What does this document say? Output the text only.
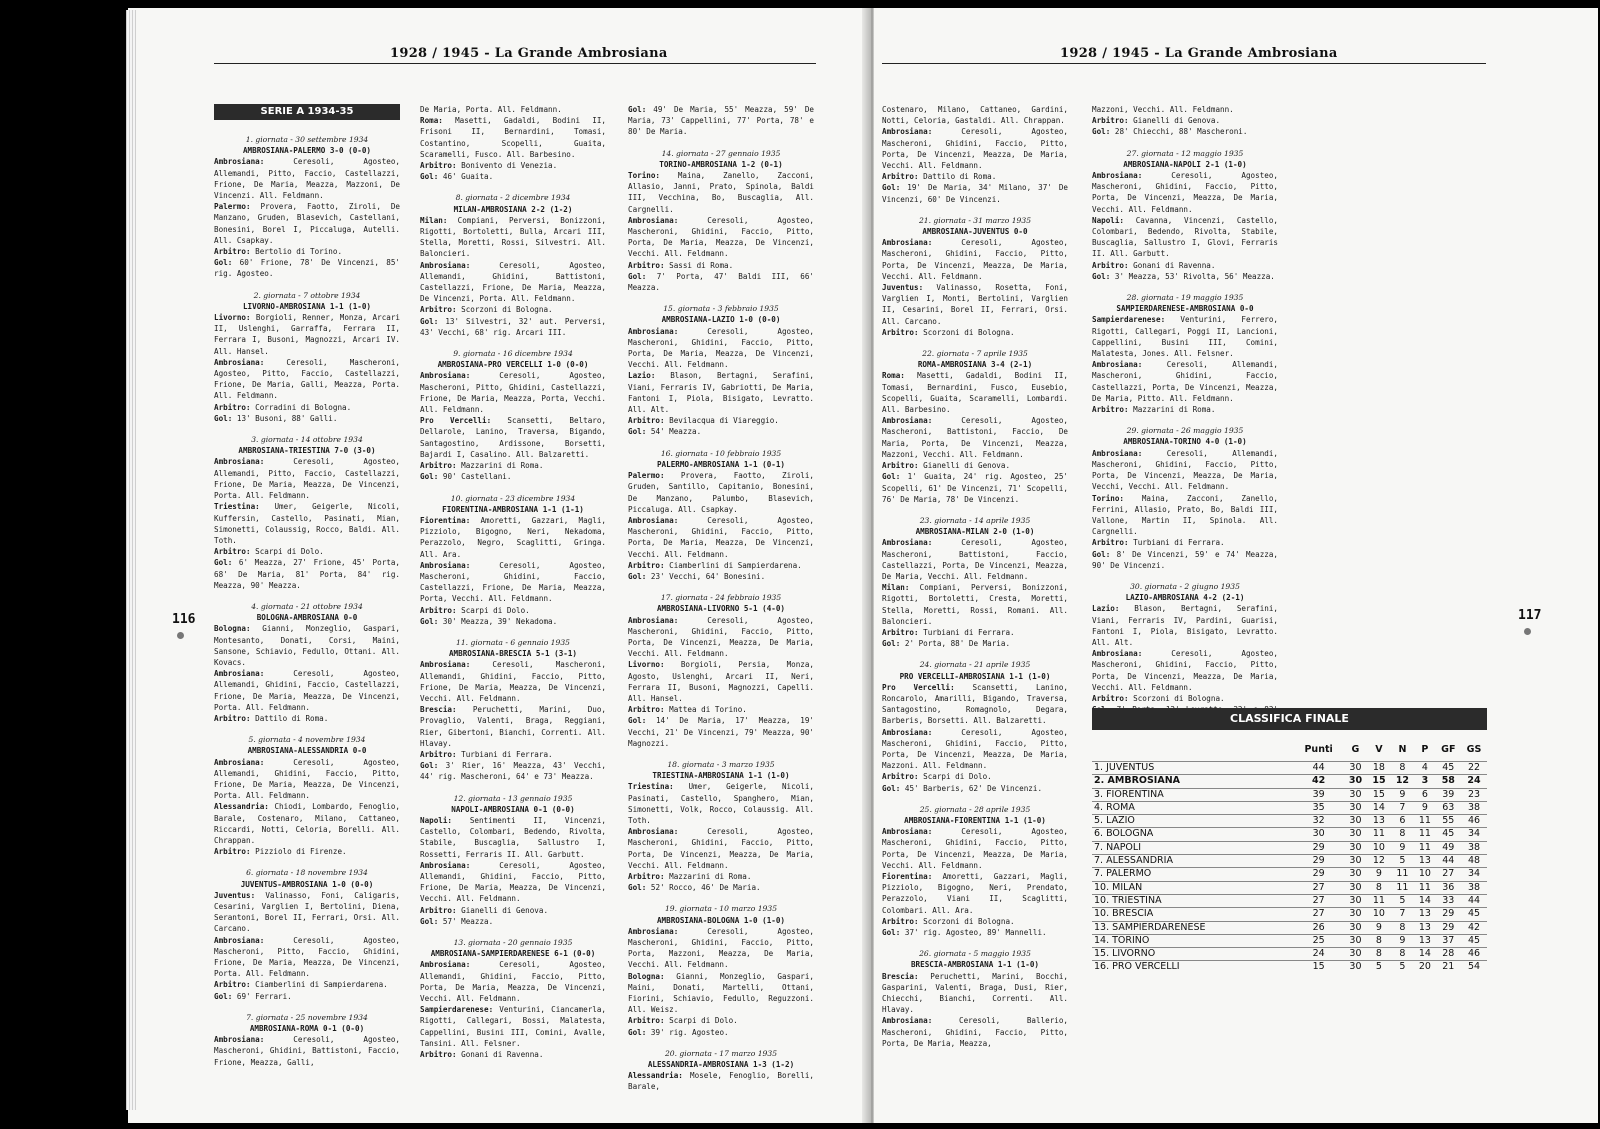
1928 / 1945 - La Grande Ambrosiana
SERIE A 1934-35
1. giornata - 30 settembre 1934
AMBROSIANA-PALERMO 3-0 (0-0)
Ambrosiana: Ceresoli, Agosteo, Allemandi, Pitto, Faccio, Castellazzi, Frione, De Maria, Meazza, Mazzoni, De Vincenzi. All. Feldmann.
Palermo: Provera, Faotto, Ziroli, De Manzano, Gruden, Blasevich, Castellani, Bonesini, Borel I, Piccaluga, Autelli. All. Csapkay.
Arbitro: Bertolio di Torino.
Gol: 60' Frione, 78' De Vincenzi, 85' rig. Agosteo.
2. giornata - 7 ottobre 1934
LIVORNO-AMBROSIANA 1-1 (1-0)
Livorno: Borgioli, Renner, Monza, Arcari II, Uslenghi, Garraffa, Ferrara II, Ferrara I, Busoni, Magnozzi, Arcari IV. All. Hansel.
Ambrosiana: Ceresoli, Mascheroni, Agosteo, Pitto, Faccio, Castellazzi, Frione, De Maria, Galli, Meazza, Porta. All. Feldmann.
Arbitro: Corradini di Bologna.
Gol: 13' Busoni, 88' Galli.
3. giornata - 14 ottobre 1934
AMBROSIANA-TRIESTINA 7-0 (3-0)
Ambrosiana: Ceresoli, Agosteo, Allemandi, Pitto, Faccio, Castellazzi, Frione, De Maria, Meazza, De Vincenzi, Porta. All. Feldmann.
Triestina: Umer, Geigerle, Nicoli, Kuffersin, Castello, Pasinati, Mian, Simonetti, Colaussig, Rocco, Baldi. All. Toth.
Arbitro: Scarpi di Dolo.
Gol: 6' Meazza, 27' Frione, 45' Porta, 68' De Maria, 81' Porta, 84' rig. Meazza, 90' Meazza.
4. giornata - 21 ottobre 1934
BOLOGNA-AMBROSIANA 0-0
Bologna: Gianni, Monzeglio, Gaspari, Montesanto, Donati, Corsi, Maini, Sansone, Schiavio, Fedullo, Ottani. All. Kovacs.
Ambrosiana: Ceresoli, Agosteo, Allemandi, Ghidini, Faccio, Castellazzi, Frione, De Maria, Meazza, De Vincenzi, Porta. All. Feldmann.
Arbitro: Dattilo di Roma.
5. giornata - 4 novembre 1934
AMBROSIANA-ALESSANDRIA 0-0
Ambrosiana: Ceresoli, Agosteo, Allemandi, Ghidini, Faccio, Pitto, Frione, De Maria, Meazza, De Vincenzi, Porta. All. Feldmann.
Alessandria: Chiodi, Lombardo, Fenoglio, Barale, Costenaro, Milano, Cattaneo, Riccardi, Notti, Celoria, Borelli. All. Chrappan.
Arbitro: Pizziolo di Firenze.
6. giornata - 18 novembre 1934
JUVENTUS-AMBROSIANA 1-0 (0-0)
Juventus: Valinasso, Foni, Caligaris, Cesarini, Varglien I, Bertolini, Diena, Serantoni, Borel II, Ferrari, Orsi. All. Carcano.
Ambrosiana: Ceresoli, Agosteo, Mascheroni, Pitto, Faccio, Ghidini, Frione, De Maria, Meazza, De Vincenzi, Porta. All. Feldmann.
Arbitro: Ciamberlini di Sampierdarena.
Gol: 69' Ferrari.
7. giornata - 25 novembre 1934
AMBROSIANA-ROMA 0-1 (0-0)
Ambrosiana: Ceresoli, Agosteo, Mascheroni, Ghidini, Battistoni, Faccio, Frione, Meazza, Galli,
De Maria, Porta. All. Feldmann.
Roma: Masetti, Gadaldi, Bodini II, Frisoni II, Bernardini, Tomasi, Costantino, Scopelli, Guaita, Scaramelli, Fusco. All. Barbesino.
Arbitro: Bonivento di Venezia.
Gol: 46' Guaita.
8. giornata - 2 dicembre 1934
MILAN-AMBROSIANA 2-2 (1-2)
Milan: Compiani, Perversi, Bonizzoni, Rigotti, Bortoletti, Bulla, Arcari III, Stella, Moretti, Rossi, Silvestri. All. Baloncieri.
Ambrosiana: Ceresoli, Agosteo, Allemandi, Ghidini, Battistoni, Castellazzi, Frione, De Maria, Meazza, De Vincenzi, Porta. All. Feldmann.
Arbitro: Scorzoni di Bologna.
Gol: 13' Silvestri, 32' aut. Perversi, 43' Vecchi, 68' rig. Arcari III.
9. giornata - 16 dicembre 1934
AMBROSIANA-PRO VERCELLI 1-0 (0-0)
Ambrosiana: Ceresoli, Agosteo, Mascheroni, Pitto, Ghidini, Castellazzi, Frione, De Maria, Meazza, Porta, Vecchi. All. Feldmann.
Pro Vercelli: Scansetti, Beltaro, Dellarole, Lanino, Traversa, Bigando, Santagostino, Ardissone, Borsetti, Bajardi I, Casalino. All. Balzaretti.
Arbitro: Mazzarini di Roma.
Gol: 90' Castellani.
10. giornata - 23 dicembre 1934
FIORENTINA-AMBROSIANA 1-1 (1-1)
Fiorentina: Amoretti, Gazzari, Magli, Pizziolo, Bigogno, Neri, Nekadoma, Perazzolo, Negro, Scaglitti, Gringa. All. Ara.
Ambrosiana: Ceresoli, Agosteo, Mascheroni, Ghidini, Faccio, Castellazzi, Frione, De Maria, Meazza, Porta, Vecchi. All. Feldmann.
Arbitro: Scarpi di Dolo.
Gol: 30' Meazza, 39' Nekadoma.
11. giornata - 6 gennaio 1935
AMBROSIANA-BRESCIA 5-1 (3-1)
Ambrosiana: Ceresoli, Mascheroni, Allemandi, Ghidini, Faccio, Pitto, Frione, De Maria, Meazza, De Vincenzi, Vecchi. All. Feldmann.
Brescia: Peruchetti, Marini, Duo, Provaglio, Valenti, Braga, Reggiani, Rier, Gibertoni, Bianchi, Correnti. All. Hlavay.
Arbitro: Turbiani di Ferrara.
Gol: 3' Rier, 16' Meazza, 43' Vecchi, 44' rig. Mascheroni, 64' e 73' Meazza.
12. giornata - 13 gennaio 1935
NAPOLI-AMBROSIANA 0-1 (0-0)
Napoli: Sentimenti II, Vincenzi, Castello, Colombari, Bedendo, Rivolta, Stabile, Buscaglia, Sallustro I, Rossetti, Ferraris II. All. Garbutt.
Ambrosiana: Ceresoli, Agosteo, Allemandi, Ghidini, Faccio, Pitto, Frione, De Maria, Meazza, De Vincenzi, Vecchi. All. Feldmann.
Arbitro: Gianelli di Genova.
Gol: 57' Meazza.
13. giornata - 20 gennaio 1935
AMBROSIANA-SAMPIERDARENESE 6-1 (0-0)
Ambrosiana: Ceresoli, Agosteo, Allemandi, Ghidini, Faccio, Pitto, Porta, De Maria, Meazza, De Vincenzi, Vecchi. All. Feldmann.
Sampierdarenese: Venturini, Ciancamerla, Rigotti, Callegari, Bossi, Malatesta, Cappellini, Busini III, Comini, Avalle, Tansini. All. Felsner.
Arbitro: Gonani di Ravenna.
Gol: 49' De Maria, 55' Meazza, 59' De Maria, 73' Cappellini, 77' Porta, 78' e 80' De Maria.
14. giornata - 27 gennaio 1935
TORINO-AMBROSIANA 1-2 (0-1)
Torino: Maina, Zanello, Zacconi, Allasio, Janni, Prato, Spinola, Baldi III, Vecchina, Bo, Buscaglia, All. Cargnelli.
Ambrosiana: Ceresoli, Agosteo, Mascheroni, Ghidini, Faccio, Pitto, Porta, De Maria, Meazza, De Vincenzi, Vecchi. All. Feldmann.
Arbitro: Sassi di Roma.
Gol: 7' Porta, 47' Baldi III, 66' Meazza.
15. giornata - 3 febbraio 1935
AMBROSIANA-LAZIO 1-0 (0-0)
Ambrosiana: Ceresoli, Agosteo, Mascheroni, Ghidini, Faccio, Pitto, Porta, De Maria, Meazza, De Vincenzi, Vecchi. All. Feldmann.
Lazio: Blason, Bertagni, Serafini, Viani, Ferraris IV, Gabriotti, De Maria, Fantoni I, Piola, Bisigato, Levratto. All. Alt.
Arbitro: Bevilacqua di Viareggio.
Gol: 54' Meazza.
16. giornata - 10 febbraio 1935
PALERMO-AMBROSIANA 1-1 (0-1)
Palermo: Provera, Faotto, Ziroli, Gruden, Santillo, Capitanio, Bonesini, De Manzano, Palumbo, Blasevich, Piccaluga. All. Csapkay.
Ambrosiana: Ceresoli, Agosteo, Mascheroni, Ghidini, Faccio, Pitto, Porta, De Maria, Meazza, De Vincenzi, Vecchi. All. Feldmann.
Arbitro: Ciamberlini di Sampierdarena.
Gol: 23' Vecchi, 64' Bonesini.
17. giornata - 24 febbraio 1935
AMBROSIANA-LIVORNO 5-1 (4-0)
Ambrosiana: Ceresoli, Agosteo, Mascheroni, Ghidini, Faccio, Pitto, Porta, De Vincenzi, Meazza, De Maria, Vecchi. All. Feldmann.
Livorno: Borgioli, Persia, Monza, Agosto, Uslenghi, Arcari II, Neri, Ferrara II, Busoni, Magnozzi, Capelli. All. Hansel.
Arbitro: Mattea di Torino.
Gol: 14' De Maria, 17' Meazza, 19' Vecchi, 21' De Vincenzi, 79' Meazza, 90' Magnozzi.
18. giornata - 3 marzo 1935
TRIESTINA-AMBROSIANA 1-1 (1-0)
Triestina: Umer, Geigerle, Nicoli, Pasinati, Castello, Spanghero, Mian, Simonetti, Volk, Rocco, Colaussig. All. Toth.
Ambrosiana: Ceresoli, Agosteo, Mascheroni, Ghidini, Faccio, Pitto, Porta, De Vincenzi, Meazza, De Maria, Vecchi. All. Feldmann.
Arbitro: Mazzarini di Roma.
Gol: 52' Rocco, 46' De Maria.
19. giornata - 10 marzo 1935
AMBROSIANA-BOLOGNA 1-0 (1-0)
Ambrosiana: Ceresoli, Agosteo, Mascheroni, Ghidini, Faccio, Pitto, Porta, Mazzoni, Meazza, De Maria, Vecchi. All. Feldmann.
Bologna: Gianni, Monzeglio, Gaspari, Maini, Donati, Martelli, Ottani, Fiorini, Schiavio, Fedullo, Reguzzoni. All. Weisz.
Arbitro: Scarpi di Dolo.
Gol: 39' rig. Agosteo.
20. giornata - 17 marzo 1935
ALESSANDRIA-AMBROSIANA 1-3 (1-2)
Alessandria: Mosele, Fenoglio, Borelli, Barale,
116
1928 / 1945 - La Grande Ambrosiana
Costenaro, Milano, Cattaneo, Gardini, Notti, Celoria, Gastaldi. All. Chrappan.
Ambrosiana: Ceresoli, Agosteo, Mascheroni, Ghidini, Faccio, Pitto, Porta, De Vincenzi, Meazza, De Maria, Vecchi. All. Feldmann.
Arbitro: Dattilo di Roma.
Gol: 19' De Maria, 34' Milano, 37' De Vincenzi, 60' De Vincenzi.
21. giornata - 31 marzo 1935
AMBROSIANA-JUVENTUS 0-0
Ambrosiana: Ceresoli, Agosteo, Mascheroni, Ghidini, Faccio, Pitto, Porta, De Vincenzi, Meazza, De Maria, Vecchi. All. Feldmann.
Juventus: Valinasso, Rosetta, Foni, Varglien I, Monti, Bertolini, Varglien II, Cesarini, Borel II, Ferrari, Orsi. All. Carcano.
Arbitro: Scorzoni di Bologna.
22. giornata - 7 aprile 1935
ROMA-AMBROSIANA 3-4 (2-1)
Roma: Masetti, Gadaldi, Bodini II, Tomasi, Bernardini, Fusco, Eusebio, Scopelli, Guaita, Scaramelli, Lombardi. All. Barbesino.
Ambrosiana: Ceresoli, Agosteo, Mascheroni, Battistoni, Faccio, De Maria, Porta, De Vincenzi, Meazza, Mazzoni, Vecchi. All. Feldmann.
Arbitro: Gianelli di Genova.
Gol: 1' Guaita, 24' rig. Agosteo, 25' Scopelli, 61' De Vincenzi, 71' Scopelli, 76' De Maria, 78' De Vincenzi.
23. giornata - 14 aprile 1935
AMBROSIANA-MILAN 2-0 (1-0)
Ambrosiana: Ceresoli, Agosteo, Mascheroni, Battistoni, Faccio, Castellazzi, Porta, De Vincenzi, Meazza, De Maria, Vecchi. All. Feldmann.
Milan: Compiani, Perversi, Bonizzoni, Rigotti, Bortoletti, Cresta, Moretti, Stella, Moretti, Rossi, Romani. All. Baloncieri.
Arbitro: Turbiani di Ferrara.
Gol: 2' Porta, 88' De Maria.
24. giornata - 21 aprile 1935
PRO VERCELLI-AMBROSIANA 1-1 (1-0)
Pro Vercelli: Scansetti, Lanino, Roncarolo, Amarilli, Bigando, Traversa, Santagostino, Romagnolo, Degara, Barberis, Borsetti. All. Balzaretti.
Ambrosiana: Ceresoli, Agosteo, Mascheroni, Ghidini, Faccio, Pitto, Porta, De Vincenzi, Meazza, De Maria, Mazzoni. All. Feldmann.
Arbitro: Scarpi di Dolo.
Gol: 45' Barberis, 62' De Vincenzi.
25. giornata - 28 aprile 1935
AMBROSIANA-FIORENTINA 1-1 (1-0)
Ambrosiana: Ceresoli, Agosteo, Mascheroni, Ghidini, Faccio, Pitto, Porta, De Vincenzi, Meazza, De Maria, Vecchi. All. Feldmann.
Fiorentina: Amoretti, Gazzari, Magli, Pizziolo, Bigogno, Neri, Prendato, Perazzolo, Viani II, Scaglitti, Colombari. All. Ara.
Arbitro: Scorzoni di Bologna.
Gol: 37' rig. Agosteo, 89' Mannelli.
26. giornata - 5 maggio 1935
BRESCIA-AMBROSIANA 1-1 (1-0)
Brescia: Peruchetti, Marini, Bocchi, Gasparini, Valenti, Braga, Dusi, Rier, Chiecchi, Bianchi, Correnti. All. Hlavay.
Ambrosiana: Ceresoli, Ballerio, Mascheroni, Ghidini, Faccio, Pitto, Porta, De Maria, Meazza,
Mazzoni, Vecchi. All. Feldmann.
Arbitro: Gianelli di Genova.
Gol: 28' Chiecchi, 88' Mascheroni.
27. giornata - 12 maggio 1935
AMBROSIANA-NAPOLI 2-1 (1-0)
Ambrosiana: Ceresoli, Agosteo, Mascheroni, Ghidini, Faccio, Pitto, Porta, De Vincenzi, Meazza, De Maria, Vecchi. All. Feldmann.
Napoli: Cavanna, Vincenzi, Castello, Colombari, Bedendo, Rivolta, Stabile, Buscaglia, Sallustro I, Glovi, Ferraris II. All. Garbutt.
Arbitro: Gonani di Ravenna.
Gol: 3' Meazza, 53' Rivolta, 56' Meazza.
28. giornata - 19 maggio 1935
SAMPIERDARENESE-AMBROSIANA 0-0
Sampierdarenese: Venturini, Ferrero, Rigotti, Callegari, Poggi II, Lancioni, Cappellini, Busini III, Comini, Malatesta, Jones. All. Felsner.
Ambrosiana: Ceresoli, Allemandi, Mascheroni, Ghidini, Faccio, Castellazzi, Porta, De Vincenzi, Meazza, De Maria, Pitto. All. Feldmann.
Arbitro: Mazzarini di Roma.
29. giornata - 26 maggio 1935
AMBROSIANA-TORINO 4-0 (1-0)
Ambrosiana: Ceresoli, Allemandi, Mascheroni, Ghidini, Faccio, Pitto, Porta, De Vincenzi, Meazza, De Maria, Vecchi, Vecchi. All. Feldmann.
Torino: Maina, Zacconi, Zanello, Ferrini, Allasio, Prato, Bo, Baldi III, Vallone, Martin II, Spinola. All. Cargnelli.
Arbitro: Turbiani di Ferrara.
Gol: 8' De Vincenzi, 59' e 74' Meazza, 90' De Vincenzi.
30. giornata - 2 giugno 1935
LAZIO-AMBROSIANA 4-2 (2-1)
Lazio: Blason, Bertagni, Serafini, Viani, Ferraris IV, Pardini, Guarisi, Fantoni I, Piola, Bisigato, Levratto. All. Alt.
Ambrosiana: Ceresoli, Agosteo, Mascheroni, Ghidini, Faccio, Pitto, Porta, De Vincenzi, Meazza, De Maria, Vecchi. All. Feldmann.
Arbitro: Scorzoni di Bologna.
CLASSIFICA FINALE
	Punti	G	V	N	P	GF	GS
1. JUVENTUS	44	30	18	8	4	45	22
2. AMBROSIANA	42	30	15	12	3	58	24
3. FIORENTINA	39	30	15	9	6	39	23
4. ROMA	35	30	14	7	9	63	38
5. LAZIO	32	30	13	6	11	55	46
6. BOLOGNA	30	30	11	8	11	45	34
7. NAPOLI	29	30	10	9	11	49	38
7. ALESSANDRIA	29	30	12	5	13	44	48
7. PALERMO	29	30	9	11	10	27	34
10. MILAN	27	30	8	11	11	36	38
10. TRIESTINA	27	30	11	5	14	33	44
10. BRESCIA	27	30	10	7	13	29	45
13. SAMPIERDARENESE	26	30	9	8	13	29	42
14. TORINO	25	30	8	9	13	37	45
15. LIVORNO	24	30	8	8	14	28	46
16. PRO VERCELLI	15	30	5	5	20	21	54
117
